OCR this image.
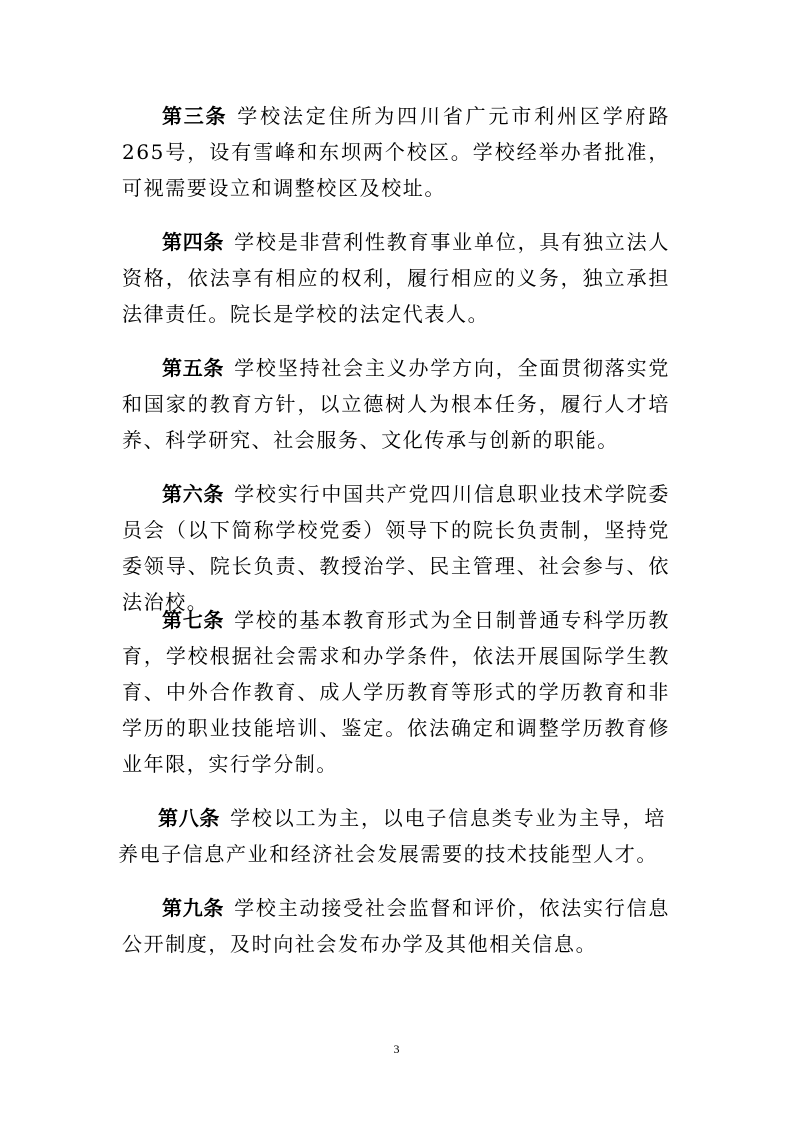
第三条 学校法定住所为四川省广元市利州区学府路265号，设有雪峰和东坝两个校区。学校经举办者批准，可视需要设立和调整校区及校址。

第四条 学校是非营利性教育事业单位，具有独立法人资格，依法享有相应的权利，履行相应的义务，独立承担法律责任。院长是学校的法定代表人。

第五条 学校坚持社会主义办学方向，全面贯彻落实党和国家的教育方针，以立德树人为根本任务，履行人才培养、科学研究、社会服务、文化传承与创新的职能。

第六条 学校实行中国共产党四川信息职业技术学院委员会（以下简称学校党委）领导下的院长负责制，坚持党委领导、院长负责、教授治学、民主管理、社会参与、依法治校。

第七条 学校的基本教育形式为全日制普通专科学历教育，学校根据社会需求和办学条件，依法开展国际学生教育、中外合作教育、成人学历教育等形式的学历教育和非学历的职业技能培训、鉴定。依法确定和调整学历教育修业年限，实行学分制。

第八条 学校以工为主，以电子信息类专业为主导，培养电子信息产业和经济社会发展需要的技术技能型人才。

第九条 学校主动接受社会监督和评价，依法实行信息公开制度，及时向社会发布办学及其他相关信息。

3
